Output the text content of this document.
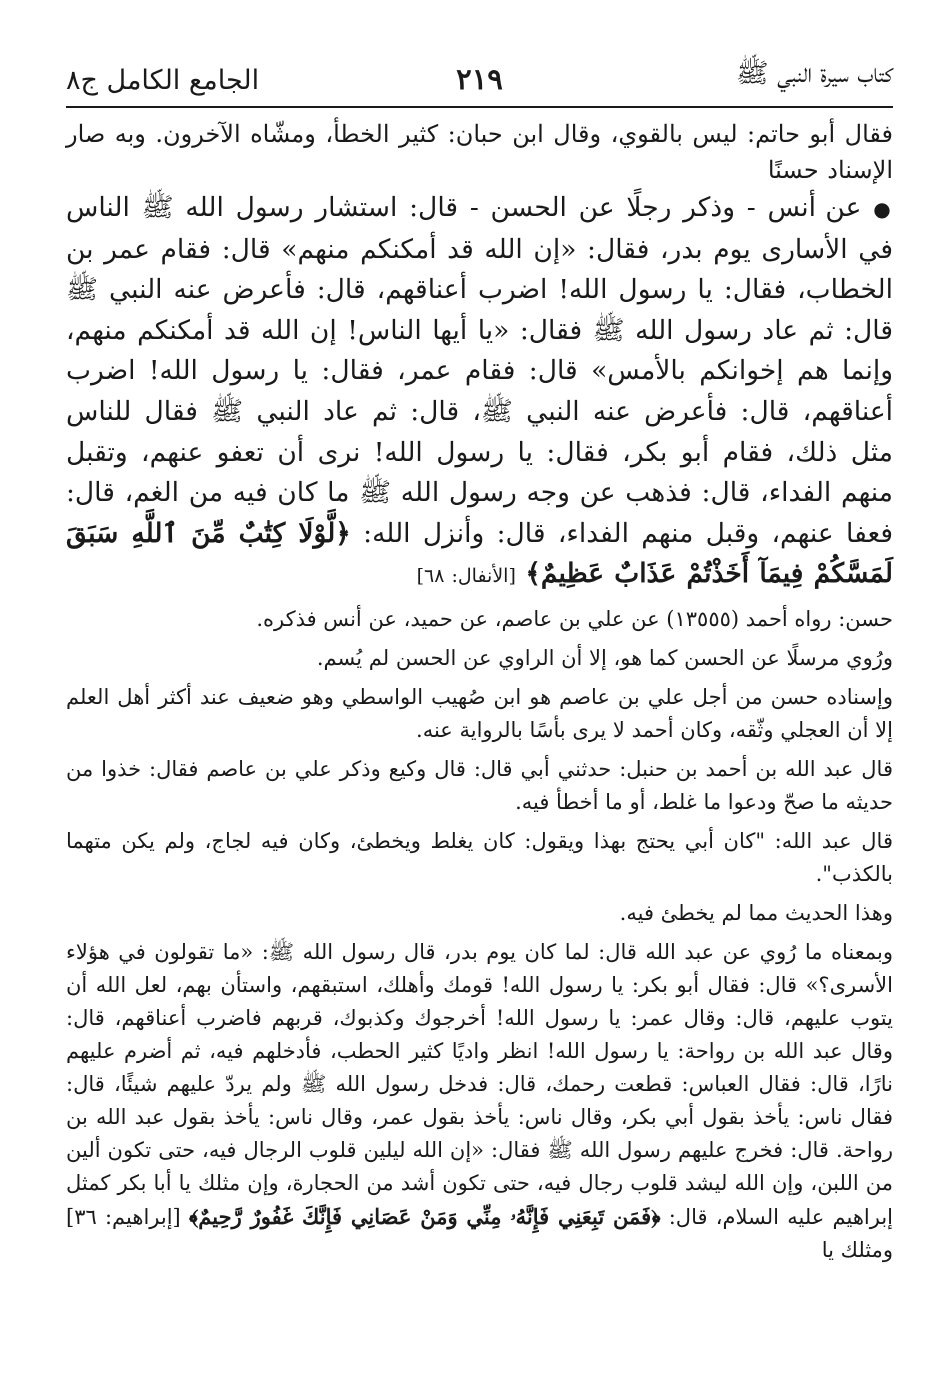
كتاب سيرة النبي ﷺ
٢١٩
الجامع الكامل ج٨

فقال أبو حاتم: ليس بالقوي، وقال ابن حبان: كثير الخطأ، ومشّاه الآخرون. وبه صار الإسناد حسنًا

● عن أنس - وذكر رجلًا عن الحسن - قال: استشار رسول الله ﷺ الناس في الأسارى يوم بدر، فقال: «إن الله قد أمكنكم منهم» قال: فقام عمر بن الخطاب، فقال: يا رسول الله! اضرب أعناقهم، قال: فأعرض عنه النبي ﷺ قال: ثم عاد رسول الله ﷺ فقال: «يا أيها الناس! إن الله قد أمكنكم منهم، وإنما هم إخوانكم بالأمس» قال: فقام عمر، فقال: يا رسول الله! اضرب أعناقهم، قال: فأعرض عنه النبي ﷺ، قال: ثم عاد النبي ﷺ فقال للناس مثل ذلك، فقام أبو بكر، فقال: يا رسول الله! نرى أن تعفو عنهم، وتقبل منهم الفداء، قال: فذهب عن وجه رسول الله ﷺ ما كان فيه من الغم، قال: فعفا عنهم، وقبل منهم الفداء، قال: وأنزل الله: ﴿لَّوْلَا كِتَٰبٌ مِّنَ ٱللَّهِ سَبَقَ لَمَسَّكُمْ فِيمَآ أَخَذْتُمْ عَذَابٌ عَظِيمٌ﴾ [الأنفال: ٦٨]

حسن: رواه أحمد (١٣٥٥٥) عن علي بن عاصم، عن حميد، عن أنس فذكره.

ورُوي مرسلًا عن الحسن كما هو، إلا أن الراوي عن الحسن لم يُسم.

وإسناده حسن من أجل علي بن عاصم هو ابن صُهيب الواسطي وهو ضعيف عند أكثر أهل العلم إلا أن العجلي وثّقه، وكان أحمد لا يرى بأسًا بالرواية عنه.

قال عبد الله بن أحمد بن حنبل: حدثني أبي قال: قال وكيع وذكر علي بن عاصم فقال: خذوا من حديثه ما صحّ ودعوا ما غلط، أو ما أخطأ فيه.

قال عبد الله: "كان أبي يحتج بهذا ويقول: كان يغلط ويخطئ، وكان فيه لجاج، ولم يكن متهما بالكذب".

وهذا الحديث مما لم يخطئ فيه.

وبمعناه ما رُوي عن عبد الله قال: لما كان يوم بدر، قال رسول الله ﷺ: «ما تقولون في هؤلاء الأسرى؟» قال: فقال أبو بكر: يا رسول الله! قومك وأهلك، استبقهم، واستأن بهم، لعل الله أن يتوب عليهم، قال: وقال عمر: يا رسول الله! أخرجوك وكذبوك، قربهم فاضرب أعناقهم، قال: وقال عبد الله بن رواحة: يا رسول الله! انظر واديًا كثير الحطب، فأدخلهم فيه، ثم أضرم عليهم نارًا، قال: فقال العباس: قطعت رحمك، قال: فدخل رسول الله ﷺ ولم يردّ عليهم شيئًا، قال: فقال ناس: يأخذ بقول أبي بكر، وقال ناس: يأخذ بقول عمر، وقال ناس: يأخذ بقول عبد الله بن رواحة. قال: فخرج عليهم رسول الله ﷺ فقال: «إن الله ليلين قلوب الرجال فيه، حتى تكون ألين من اللبن، وإن الله ليشد قلوب رجال فيه، حتى تكون أشد من الحجارة، وإن مثلك يا أبا بكر كمثل إبراهيم عليه السلام، قال: ﴿فَمَن تَبِعَنِي فَإِنَّهُۥ مِنِّي وَمَنْ عَصَانِي فَإِنَّكَ غَفُورٌ رَّحِيمٌ﴾ [إبراهيم: ٣٦] ومثلك يا
